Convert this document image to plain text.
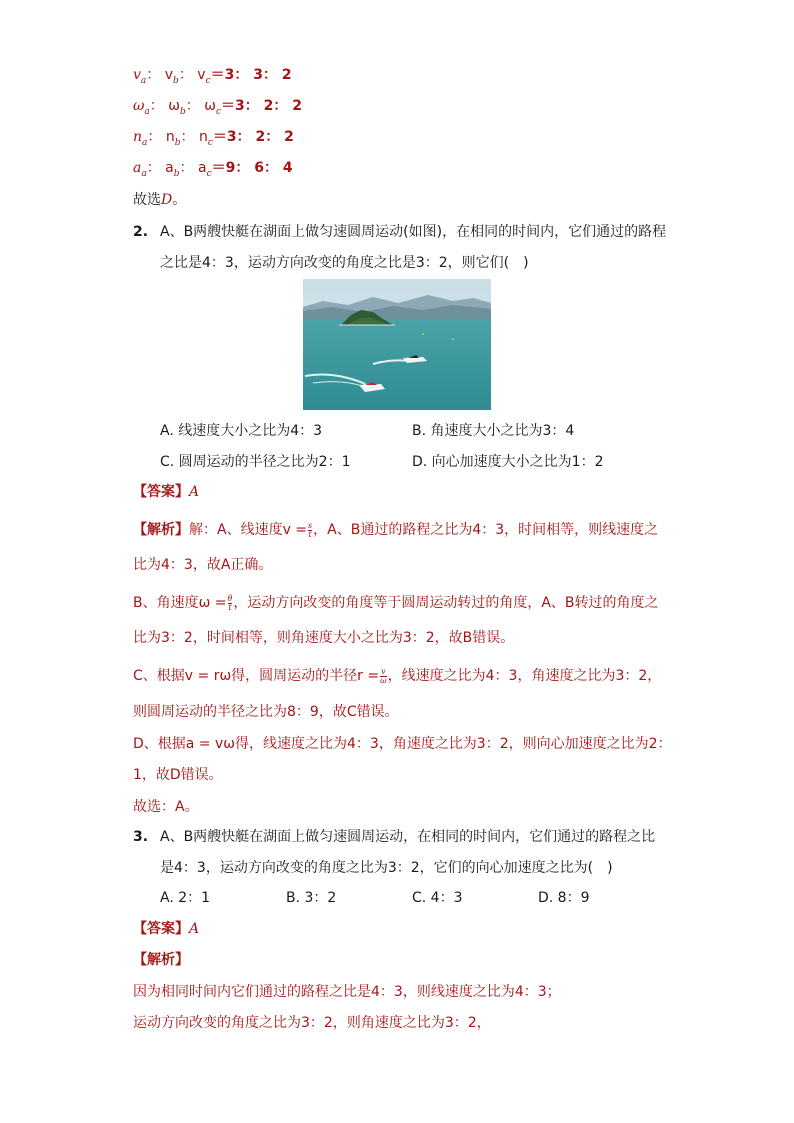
$v_a$： $v_b$： $v_c=3$： 3： 2
$\omega_a$： $\omega_b$： $\omega_c=3$： 2： 2
$n_a$： $n_b$： $n_c=3$： 2： 2
$a_a$： $a_b$： $a_c=9$： 6： 4
故选D。
2. A、B两艘快艇在湖面上做匀速圆周运动(如图)，在相同的时间内，它们通过的路程
之比是4：3，运动方向改变的角度之比是3：2，则它们(　)
A. 线速度大小之比为4：3	B. 角速度大小之比为3：4
C. 圆周运动的半径之比为2：1	D. 向心加速度大小之比为1：2
【答案】A
【解析】解：A、线速度$v = \frac{s}{t}$ ，A、B通过的路程之比为4：3，时间相等，则线速度之
比为4：3，故A正确。
B、角速度$\omega = \frac{\theta}{t}$ ，运动方向改变的角度等于圆周运动转过的角度，A、B转过的角度之
比为3：2，时间相等，则角速度大小之比为3：2，故B错误。
C、根据v = rω得，圆周运动的半径$r = \frac{v}{\omega}$ ，线速度之比为4：3，角速度之比为3：2，
则圆周运动的半径之比为8：9，故C错误。
D、根据a = vω得，线速度之比为4：3，角速度之比为3：2，则向心加速度之比为2：
1，故D错误。
故选：A。
3. A、B两艘快艇在湖面上做匀速圆周运动，在相同的时间内，它们通过的路程之比
是4：3，运动方向改变的角度之比为3：2，它们的向心加速度之比为(　)
A. 2：1	B. 3：2	C. 4：3	D. 8：9
【答案】A
【解析】
因为相同时间内它们通过的路程之比是4：3，则线速度之比为4：3；
运动方向改变的角度之比为3：2，则角速度之比为3：2，
